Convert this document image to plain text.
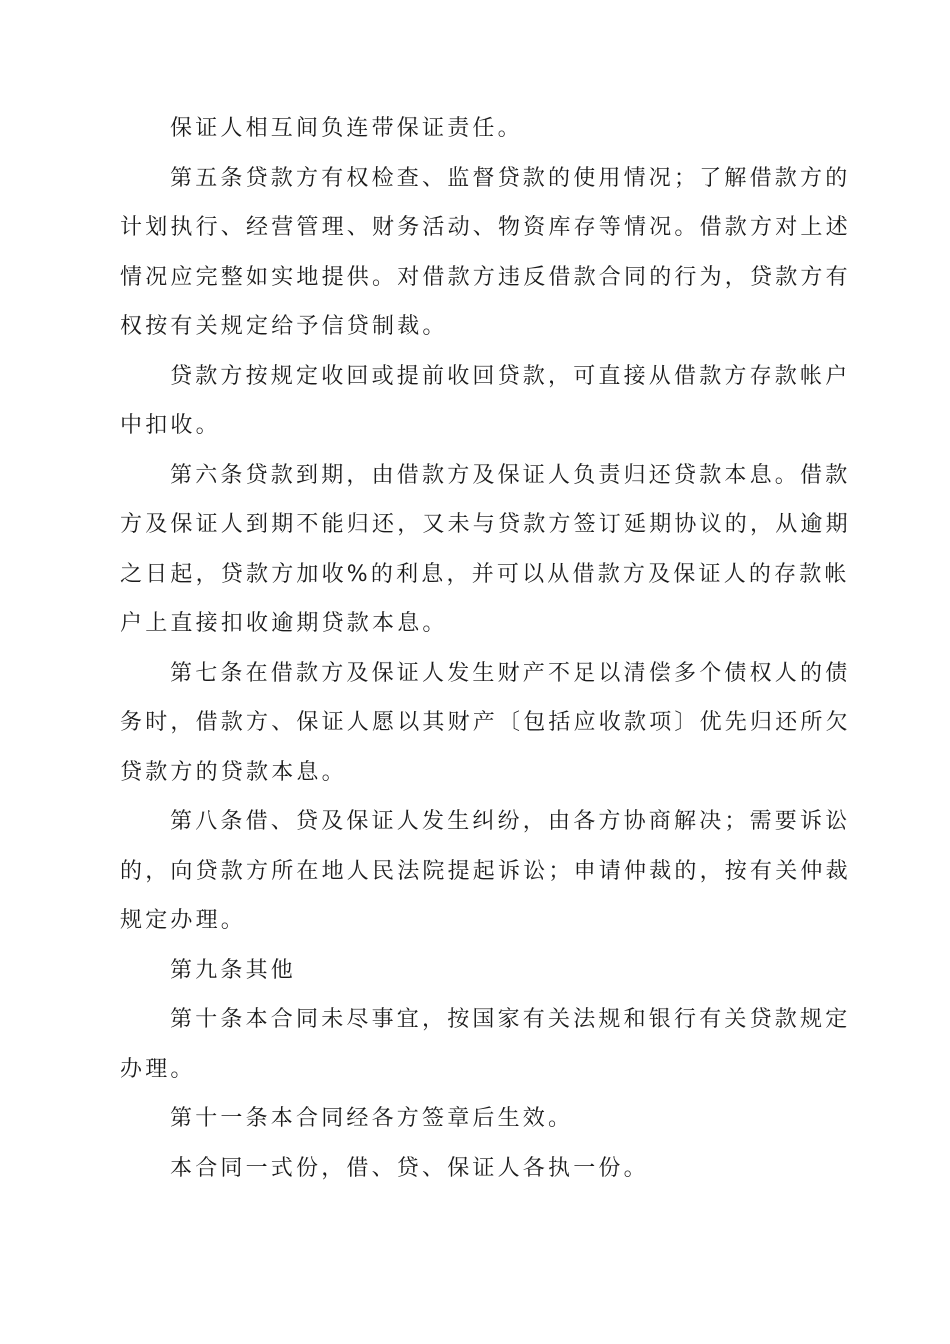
保证人相互间负连带保证责任。

第五条贷款方有权检查、监督贷款的使用情况；了解借款方的
计划执行、经营管理、财务活动、物资库存等情况。借款方对上述
情况应完整如实地提供。对借款方违反借款合同的行为，贷款方有
权按有关规定给予信贷制裁。

贷款方按规定收回或提前收回贷款，可直接从借款方存款帐户
中扣收。

第六条贷款到期，由借款方及保证人负责归还贷款本息。借款
方及保证人到期不能归还，又未与贷款方签订延期协议的，从逾期
之日起，贷款方加收%的利息，并可以从借款方及保证人的存款帐
户上直接扣收逾期贷款本息。

第七条在借款方及保证人发生财产不足以清偿多个债权人的债
务时，借款方、保证人愿以其财产〔包括应收款项〕优先归还所欠
贷款方的贷款本息。

第八条借、贷及保证人发生纠纷，由各方协商解决；需要诉讼
的，向贷款方所在地人民法院提起诉讼；申请仲裁的，按有关仲裁
规定办理。

第九条其他

第十条本合同未尽事宜，按国家有关法规和银行有关贷款规定
办理。

第十一条本合同经各方签章后生效。

本合同一式份，借、贷、保证人各执一份。
